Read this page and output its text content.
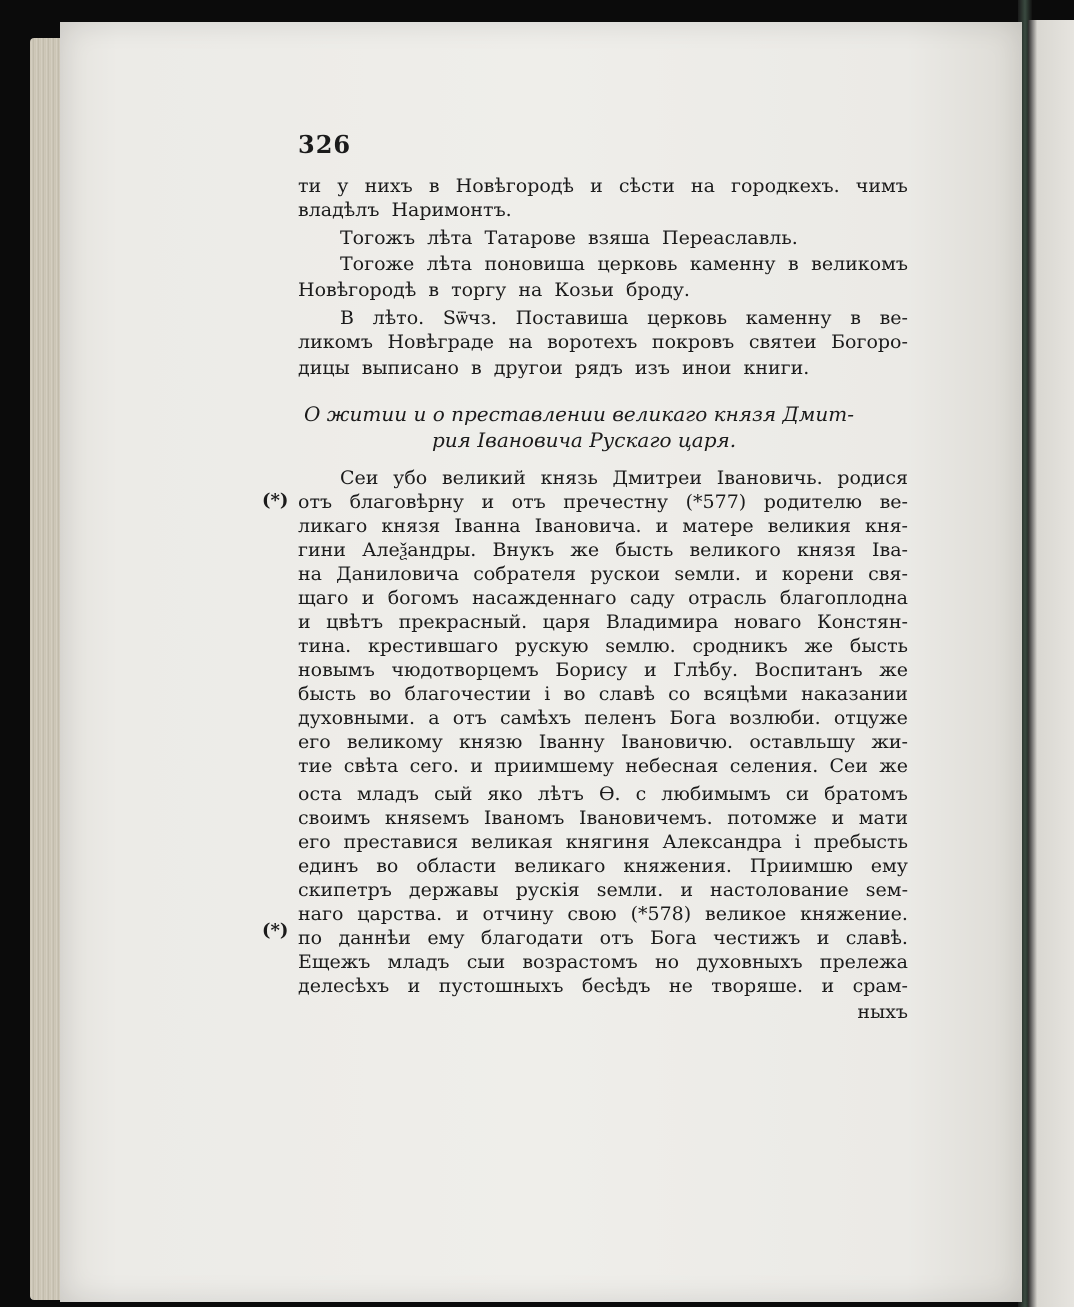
326
ти у нихъ в Новѣгородѣ и сѣсти на городкехъ. чимъ
владѣлъ Наримонтъ.
Тогожъ лѣта Татарове взяша Переаславль.
Тогоже лѣта поновиша церковь каменну в великомъ
Новѣгородѣ в торгу на Козьи броду.
В лѣто. Ѕѿчз. Поставиша церковь каменну в ве-
ликомъ Новѣграде на воротехъ покровъ святеи Богоро-
дицы выписано в другои рядъ изъ инои книги.
О житии и о преставлении великаго князя Дмит-
рия Івановича Рускаго царя.
Сеи убо великий князь Дмитреи Івановичь. родися
отъ благовѣрну и отъ пречестну (*577) родителю ве-
ликаго князя Іванна Івановича. и матере великия кня-
гини Алеѯандры. Внукъ же бысть великого князя Іва-
на Даниловича собрателя рускои ѕемли. и корени свя-
щаго и богомъ насажденнаго саду отрасль благоплодна
и цвѣтъ прекрасный. царя Владимира новаго Констян-
тина. крестившаго рускую ѕемлю. сродникъ же бысть
новымъ чюдотворцемъ Борису и Глѣбу. Воспитанъ же
бысть во благочестии і во славѣ со всяцѣми наказании
духовными. а отъ самѣхъ пеленъ Бога возлюби. отцуже
его великому князю Іванну Івановичю. оставльшу жи-
тие свѣта сего. и приимшему небесная селения. Сеи же
оста младъ сый яко лѣтъ Ѳ. с любимымъ си братомъ
своимъ княѕемъ Іваномъ Івановичемъ. потомже и мати
его преставися великая княгиня Александра і пребысть
единъ во области великаго княжения. Приимшю ему
скипетръ державы рускія ѕемли. и настолование ѕем-
наго царства. и отчину свою (*578) великое княжение.
по даннѣи ему благодати отъ Бога честижъ и славѣ.
Ещежъ младъ сыи возрастомъ но духовныхъ прележа
делесѣхъ и пустошныхъ бесѣдъ не творяше. и срам-
ныхъ
(*)
(*)
